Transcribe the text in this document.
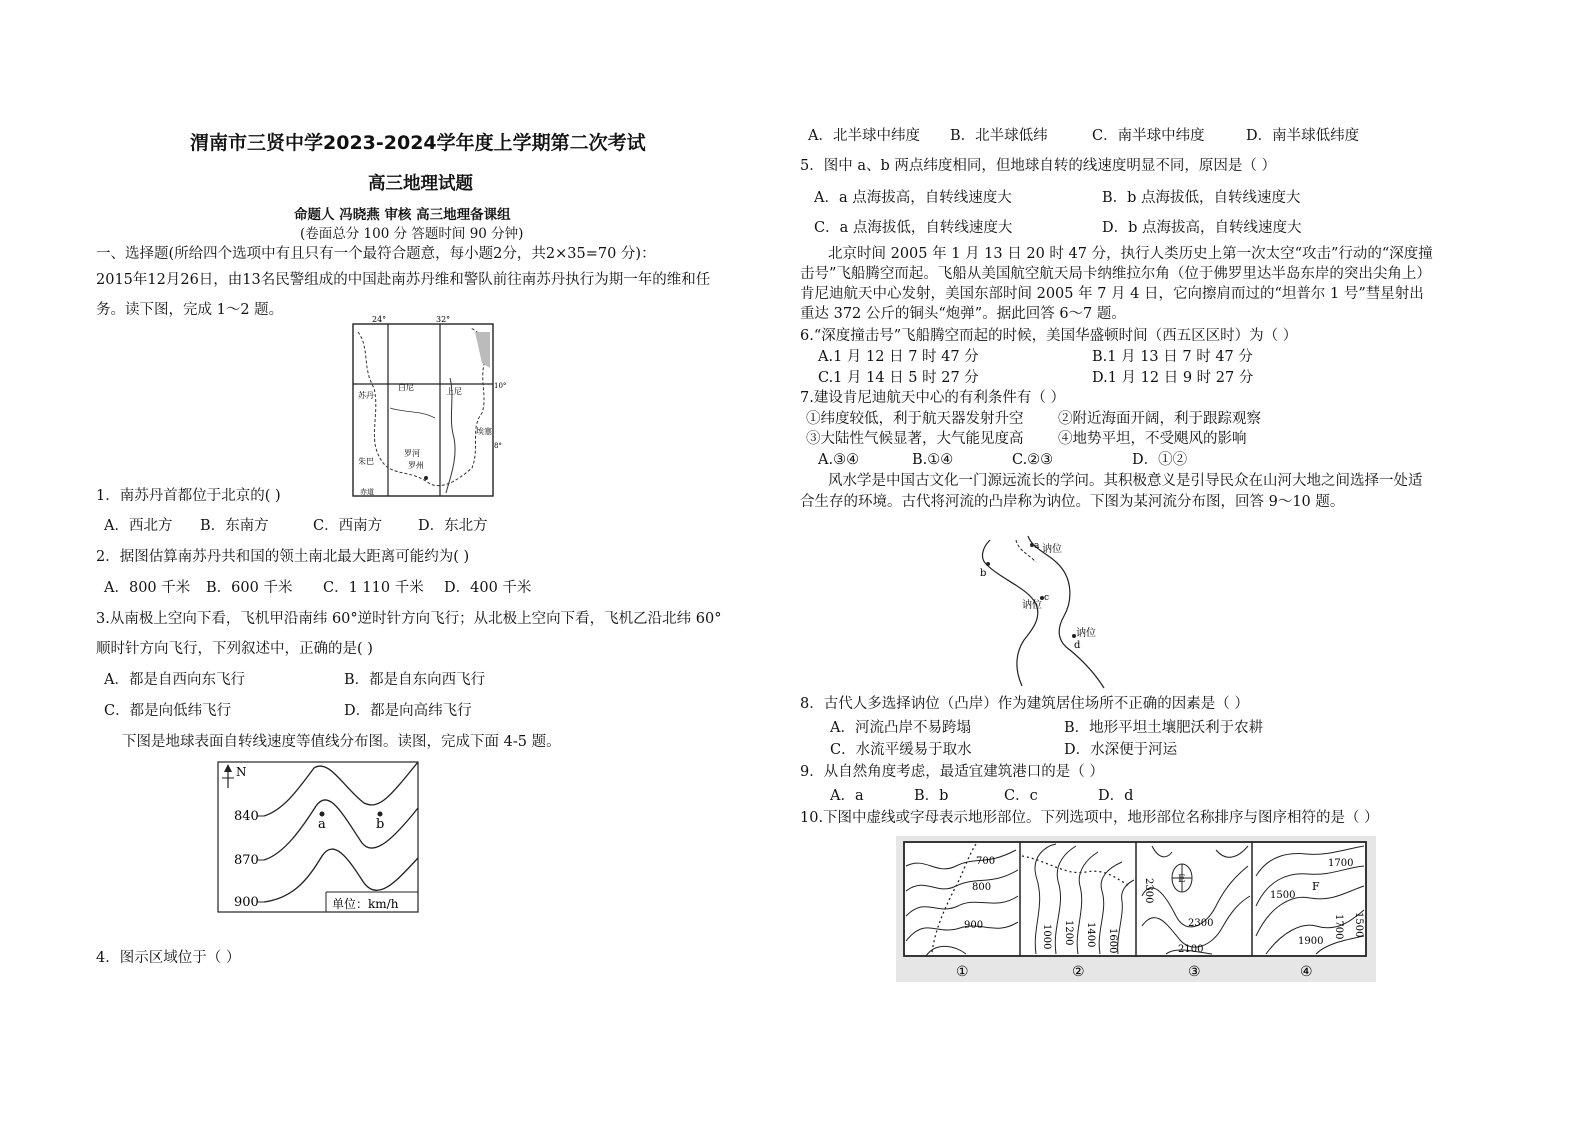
渭南市三贤中学2023-2024学年度上学期第二次考试
高三地理试题
命题人 冯晓燕 审核 高三地理备课组
(卷面总分 100 分 答题时间 90 分钟)
一、选择题(所给四个选项中有且只有一个最符合题意，每小题2分，共2×35=70 分)：
2015年12月26日，由13名民警组成的中国赴南苏丹维和警队前往南苏丹执行为期一年的维和任
务。读下图，完成 1～2 题。
24°	32°
10°
8°
苏丹
白尼	上尼
埃塞
罗河
罗州
朱巴
赤道
1．南苏丹首都位于北京的( )
A．西北方 B．东南方	C．西南方 D．东北方
2．据图估算南苏丹共和国的领土南北最大距离可能约为( )
A．800 千米 B．600 千米 C．1 110 千米 D．400 千米
3.从南极上空向下看，飞机甲沿南纬 60°逆时针方向飞行；从北极上空向下看，飞机乙沿北纬 60°
顺时针方向飞行，下列叙述中，正确的是( )
A．都是自西向东飞行	B．都是自东向西飞行
C．都是向低纬飞行	D．都是向高纬飞行
下图是地球表面自转线速度等值线分布图。读图，完成下面 4-5 题。
N
840
870
900
a	b
单位：km/h
4．图示区域位于（ ）
A．北半球中纬度 B．北半球低纬	C．南半球中纬度	D．南半球低纬度
5．图中 a、b 两点纬度相同，但地球自转的线速度明显不同，原因是（ ）
A．a 点海拔高，自转线速度大	B．b 点海拔低，自转线速度大
C．a 点海拔低，自转线速度大	D．b 点海拔高，自转线速度大
北京时间 2005 年 1 月 13 日 20 时 47 分，执行人类历史上第一次太空“攻击”行动的“深度撞
击号”飞船腾空而起。飞船从美国航空航天局卡纳维拉尔角（位于佛罗里达半岛东岸的突出尖角上）
肯尼迪航天中心发射，美国东部时间 2005 年 7 月 4 日，它向擦肩而过的“坦普尔 1 号”彗星射出
重达 372 公斤的铜头“炮弹”。据此回答 6～7 题。
6.“深度撞击号”飞船腾空而起的时候，美国华盛顿时间（西五区区时）为（ ）
A.1 月 12 日 7 时 47 分	B.1 月 13 日 7 时 47 分
C.1 月 14 日 5 时 27 分	D.1 月 12 日 9 时 27 分
7.建设肯尼迪航天中心的有利条件有（ ）
①纬度较低，利于航天器发射升空 ②附近海面开阔，利于跟踪观察
③大陆性气候显著，大气能见度高 ④地势平坦，不受飓风的影响
A.③④	B.①④	C.②③	D．①②
风水学是中国古文化一门源远流长的学问。其积极意义是引导民众在山河大地之间选择一处适
合生存的环境。古代将河流的凸岸称为讷位。下图为某河流分布图，回答 9～10 题。
a 讷位
b
讷位
c
讷位
d
8．古代人多选择讷位（凸岸）作为建筑居住场所不正确的因素是（ ）
A．河流凸岸不易跨塌	B．地形平坦土壤肥沃利于农耕
C．水流平缓易于取水	D．水深便于河运
9．从自然角度考虑，最适宜建筑港口的是（ ）
A．a	B．b	C．c	D．d
10.下图中虚线或字母表示地形部位。下列选项中，地形部位名称排序与图序相符的是（ ）
700
800
900	1000 1200 1400 1600
2300 E
2300
2100
1700
1500
F
1700 1500
1900
①	②	③	④
